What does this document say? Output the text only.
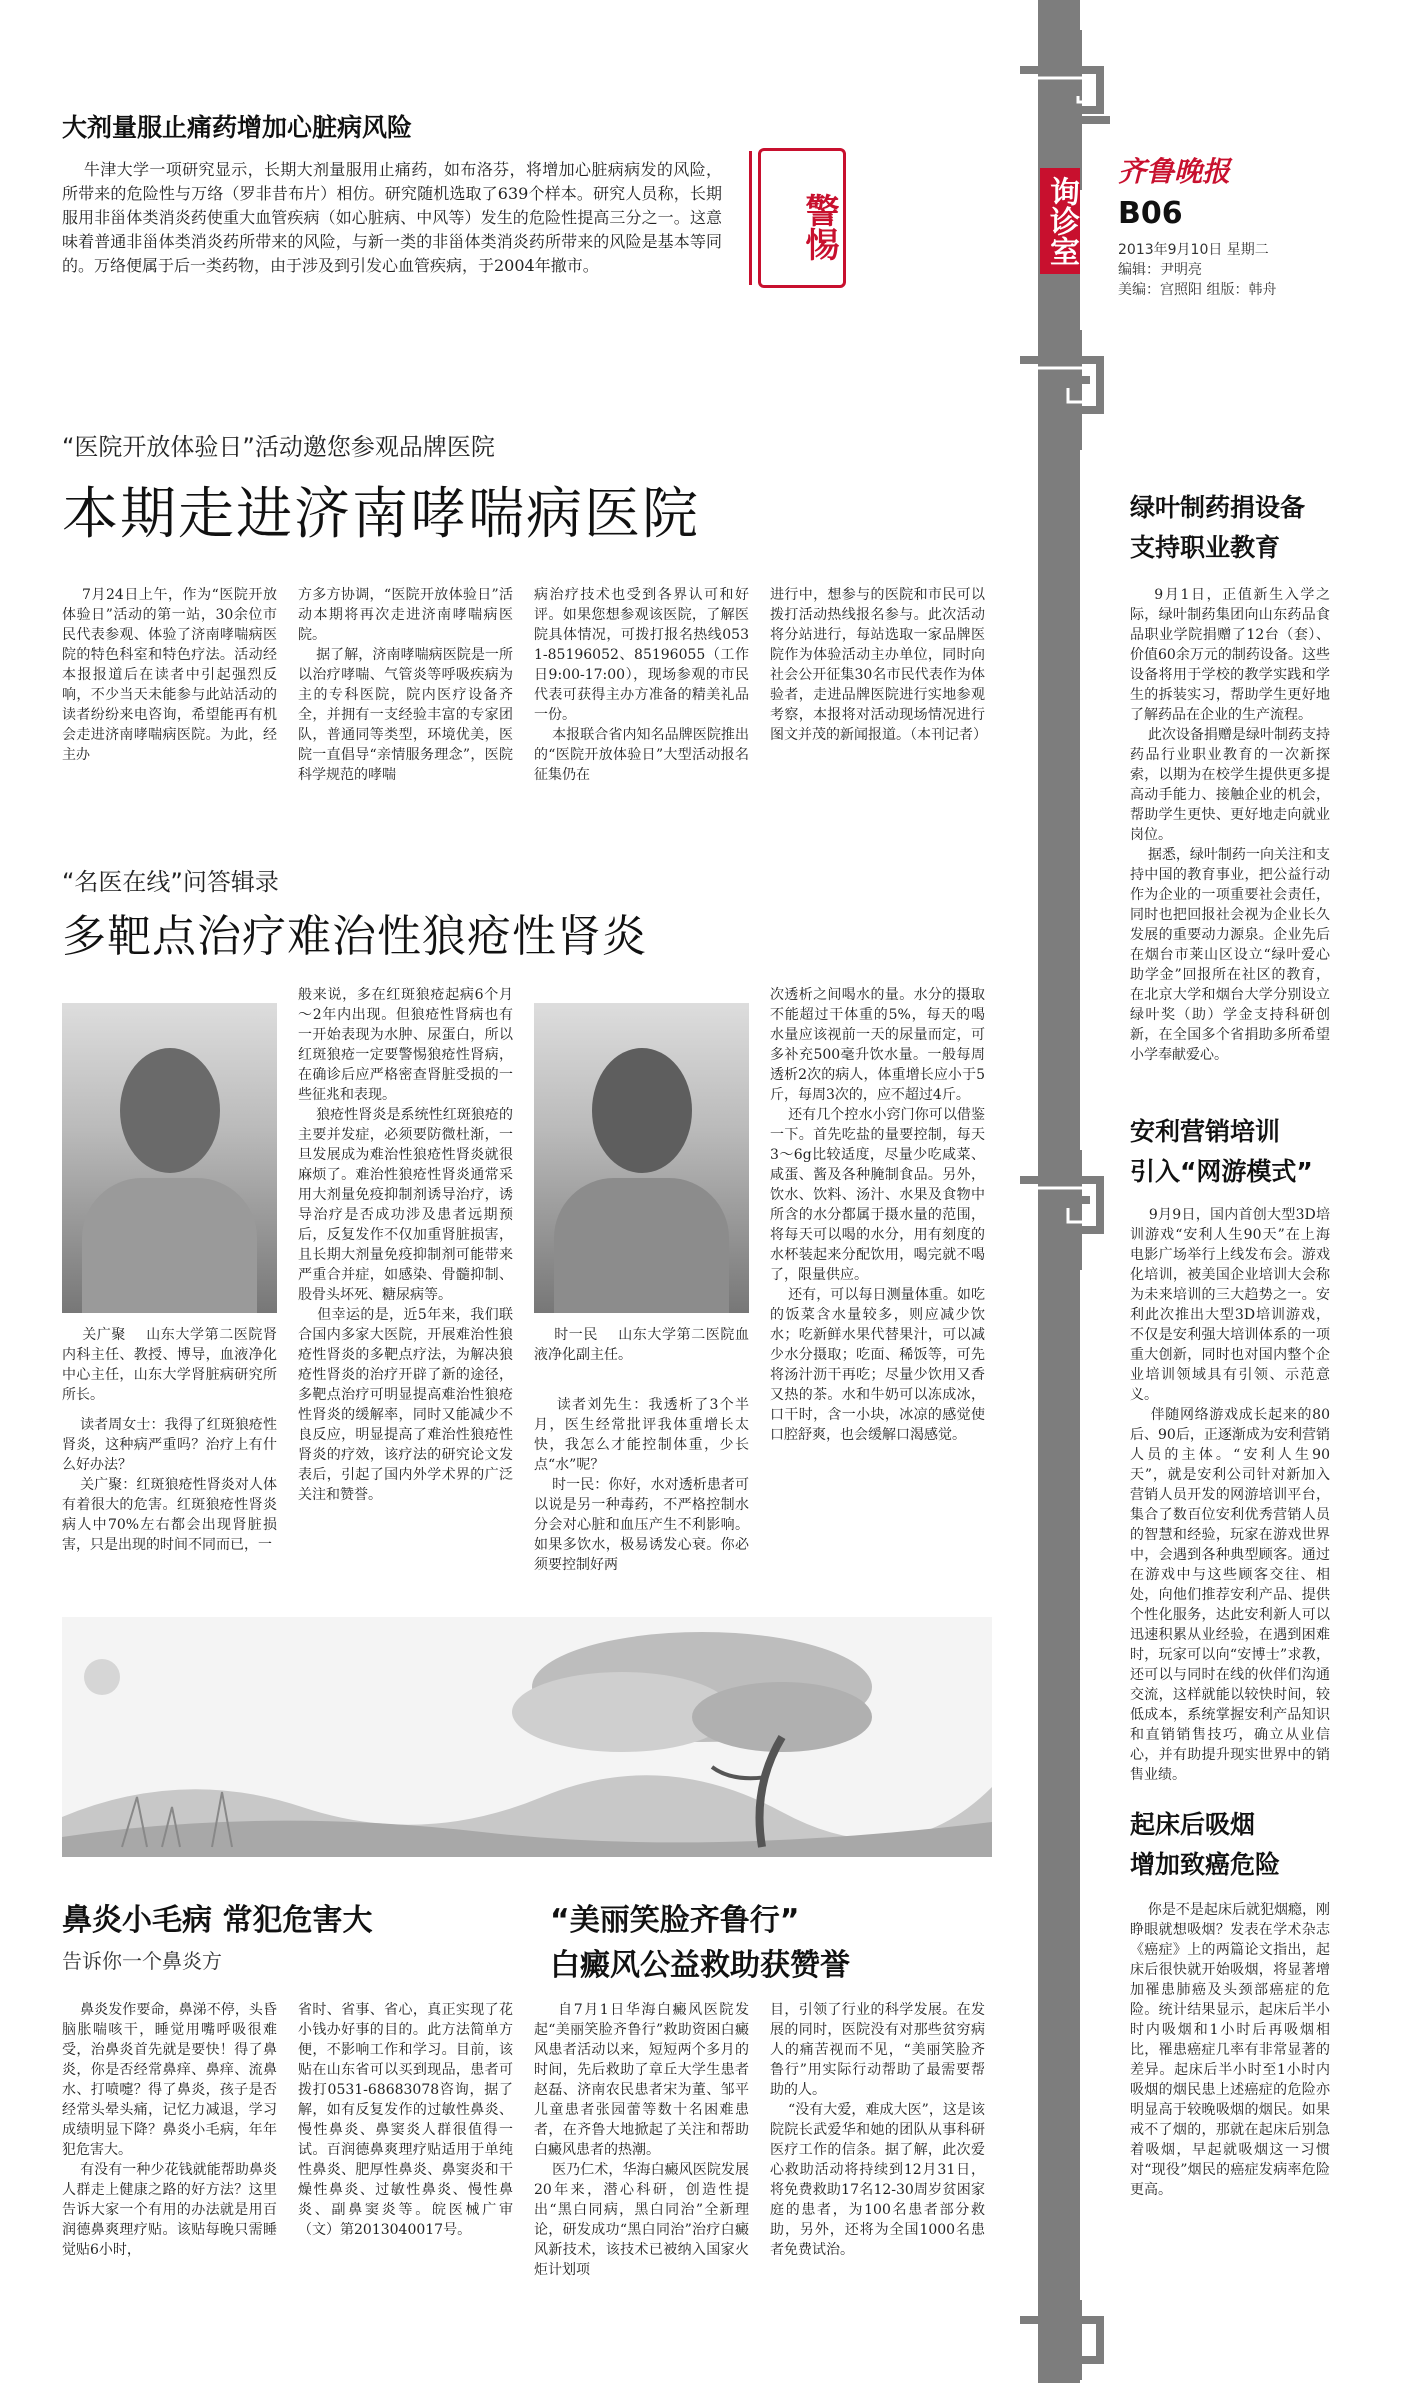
询诊室
齐鲁晚报
B06
2013年9月10日 星期二
编辑：尹明亮
美编：宫照阳 组版：韩舟
大剂量服止痛药增加心脏病风险
牛津大学一项研究显示，长期大剂量服用止痛药，如布洛芬，将增加心脏病病发的风险，所带来的危险性与万络（罗非昔布片）相仿。研究随机选取了639个样本。研究人员称，长期服用非甾体类消炎药使重大血管疾病（如心脏病、中风等）发生的危险性提高三分之一。这意味着普通非甾体类消炎药所带来的风险，与新一类的非甾体类消炎药所带来的风险是基本等同的。万络便属于后一类药物，由于涉及到引发心血管疾病，于2004年撤市。
警惕
“医院开放体验日”活动邀您参观品牌医院
本期走进济南哮喘病医院
7月24日上午，作为“医院开放体验日”活动的第一站，30余位市民代表参观、体验了济南哮喘病医院的特色科室和特色疗法。活动经本报报道后在读者中引起强烈反响，不少当天未能参与此站活动的读者纷纷来电咨询，希望能再有机会走进济南哮喘病医院。为此，经主办
方多方协调，“医院开放体验日”活动本期将再次走进济南哮喘病医院。
据了解，济南哮喘病医院是一所以治疗哮喘、气管炎等呼吸疾病为主的专科医院，院内医疗设备齐全，并拥有一支经验丰富的专家团队，普通同等类型，环境优美，医院一直倡导“亲情服务理念”，医院科学规范的哮喘
病治疗技术也受到各界认可和好评。如果您想参观该医院，了解医院具体情况，可拨打报名热线0531-85196052、85196055（工作日9:00-17:00），现场参观的市民代表可获得主办方准备的精美礼品一份。
本报联合省内知名品牌医院推出的“医院开放体验日”大型活动报名征集仍在
进行中，想参与的医院和市民可以拨打活动热线报名参与。此次活动将分站进行，每站选取一家品牌医院作为体验活动主办单位，同时向社会公开征集30名市民代表作为体验者，走进品牌医院进行实地参观考察，本报将对活动现场情况进行图文并茂的新闻报道。（本刊记者）
“名医在线”问答辑录
多靶点治疗难治性狼疮性肾炎
关广聚    山东大学第二医院肾内科主任、教授、博导，血液净化中心主任，山东大学肾脏病研究所所长。
读者周女士：我得了红斑狼疮性肾炎，这种病严重吗？治疗上有什么好办法？
关广聚：红斑狼疮性肾炎对人体有着很大的危害。红斑狼疮性肾炎病人中70%左右都会出现肾脏损害，只是出现的时间不同而已，一
般来说，多在红斑狼疮起病6个月～2年内出现。但狼疮性肾病也有一开始表现为水肿、尿蛋白，所以红斑狼疮一定要警惕狼疮性肾病，在确诊后应严格密查肾脏受损的一些征兆和表现。
狼疮性肾炎是系统性红斑狼疮的主要并发症，必须要防微杜渐，一旦发展成为难治性狼疮性肾炎就很麻烦了。难治性狼疮性肾炎通常采用大剂量免疫抑制剂诱导治疗，诱导治疗是否成功涉及患者远期预后，反复发作不仅加重肾脏损害，且长期大剂量免疫抑制剂可能带来严重合并症，如感染、骨髓抑制、股骨头坏死、糖尿病等。
但幸运的是，近5年来，我们联合国内多家大医院，开展难治性狼疮性肾炎的多靶点疗法，为解决狼疮性肾炎的治疗开辟了新的途径，多靶点治疗可明显提高难治性狼疮性肾炎的缓解率，同时又能减少不良反应，明显提高了难治性狼疮性肾炎的疗效，该疗法的研究论文发表后，引起了国内外学术界的广泛关注和赞誉。
时一民    山东大学第二医院血液净化副主任。
读者刘先生：我透析了3个半月，医生经常批评我体重增长太快，我怎么才能控制体重，少长点“水”呢？
时一民：你好，水对透析患者可以说是另一种毒药，不严格控制水分会对心脏和血压产生不利影响。如果多饮水，极易诱发心衰。你必须要控制好两
次透析之间喝水的量。水分的摄取不能超过干体重的5%，每天的喝水量应该视前一天的尿量而定，可多补充500毫升饮水量。一般每周透析2次的病人，体重增长应小于5斤，每周3次的，应不超过4斤。
还有几个控水小窍门你可以借鉴一下。首先吃盐的量要控制，每天3～6g比较适度，尽量少吃咸菜、咸蛋、酱及各种腌制食品。另外，饮水、饮料、汤汁、水果及食物中所含的水分都属于摄水量的范围，将每天可以喝的水分，用有刻度的水杯装起来分配饮用，喝完就不喝了，限量供应。
还有，可以每日测量体重。如吃的饭菜含水量较多，则应减少饮水；吃新鲜水果代替果汁，可以减少水分摄取；吃面、稀饭等，可先将汤汁沥干再吃；尽量少饮用又香又热的茶。水和牛奶可以冻成冰，口干时，含一小块，冰凉的感觉使口腔舒爽，也会缓解口渴感觉。
鼻炎小毛病 常犯危害大
告诉你一个鼻炎方
鼻炎发作要命，鼻涕不停，头昏脑胀喘咳干，睡觉用嘴呼吸很难受，治鼻炎首先就是要快！得了鼻炎，你是否经常鼻痒、鼻痒、流鼻水、打喷嚏？得了鼻炎，孩子是否经常头晕头痛，记忆力减退，学习成绩明显下降？鼻炎小毛病，年年犯危害大。
有没有一种少花钱就能帮助鼻炎人群走上健康之路的好方法？这里告诉大家一个有用的办法就是用百润德鼻爽理疗贴。该贴每晚只需睡觉贴6小时，
省时、省事、省心，真正实现了花小钱办好事的目的。此方法简单方便，不影响工作和学习。目前，该贴在山东省可以买到现品，患者可拨打0531-68683078咨询，据了解，如有反复发作的过敏性鼻炎、慢性鼻炎、鼻窦炎人群很值得一试。百润德鼻爽理疗贴适用于单纯性鼻炎、肥厚性鼻炎、鼻窦炎和干燥性鼻炎、过敏性鼻炎、慢性鼻炎、副鼻窦炎等。皖医械广审（文）第2013040017号。
“美丽笑脸齐鲁行”
白癜风公益救助获赞誉
自7月1日华海白癜风医院发起“美丽笑脸齐鲁行”救助资困白癜风患者活动以来，短短两个多月的时间，先后救助了章丘大学生患者赵磊、济南农民患者宋为董、邹平儿童患者张园蕾等数十名困难患者，在齐鲁大地掀起了关注和帮助白癜风患者的热潮。
医乃仁术，华海白癜风医院发展20年来，潜心科研，创造性提出“黑白同病，黑白同治”全新理论，研发成功“黑白同治”治疗白癜风新技术，该技术已被纳入国家火炬计划项
目，引领了行业的科学发展。在发展的同时，医院没有对那些贫穷病人的痛苦视而不见，“美丽笑脸齐鲁行”用实际行动帮助了最需要帮助的人。
“没有大爱，难成大医”，这是该院院长武爱华和她的团队从事科研医疗工作的信条。据了解，此次爱心救助活动将持续到12月31日，将免费救助17名12-30周岁贫困家庭的患者，为100名患者部分救助，另外，还将为全国1000名患者免费试治。
绿叶制药捐设备
支持职业教育
9月1日，正值新生入学之际，绿叶制药集团向山东药品食品职业学院捐赠了12台（套）、价值60余万元的制药设备。这些设备将用于学校的教学实践和学生的拆装实习，帮助学生更好地了解药品在企业的生产流程。
此次设备捐赠是绿叶制药支持药品行业职业教育的一次新探索，以期为在校学生提供更多提高动手能力、接触企业的机会，帮助学生更快、更好地走向就业岗位。
据悉，绿叶制药一向关注和支持中国的教育事业，把公益行动作为企业的一项重要社会责任，同时也把回报社会视为企业长久发展的重要动力源泉。企业先后在烟台市莱山区设立“绿叶爱心助学金”回报所在社区的教育，在北京大学和烟台大学分别设立绿叶奖（助）学金支持科研创新，在全国多个省捐助多所希望小学奉献爱心。
安利营销培训
引入“网游模式”
9月9日，国内首创大型3D培训游戏“安利人生90天”在上海电影广场举行上线发布会。游戏化培训，被美国企业培训大会称为未来培训的三大趋势之一。安利此次推出大型3D培训游戏，不仅是安利强大培训体系的一项重大创新，同时也对国内整个企业培训领域具有引领、示范意义。
伴随网络游戏成长起来的80后、90后，正逐渐成为安利营销人员的主体。“安利人生90天”，就是安利公司针对新加入营销人员开发的网游培训平台，集合了数百位安利优秀营销人员的智慧和经验，玩家在游戏世界中，会遇到各种典型顾客。通过在游戏中与这些顾客交往、相处，向他们推荐安利产品、提供个性化服务，达此安利新人可以迅速积累从业经验，在遇到困难时，玩家可以向“安博士”求教，还可以与同时在线的伙伴们沟通交流，这样就能以较快时间，较低成本，系统掌握安利产品知识和直销销售技巧，确立从业信心，并有助提升现实世界中的销售业绩。
起床后吸烟
增加致癌危险
你是不是起床后就犯烟瘾，刚睁眼就想吸烟？发表在学术杂志《癌症》上的两篇论文指出，起床后很快就开始吸烟，将显著增加罹患肺癌及头颈部癌症的危险。统计结果显示，起床后半小时内吸烟和1小时后再吸烟相比，罹患癌症几率有非常显著的差异。起床后半小时至1小时内吸烟的烟民患上述癌症的危险亦明显高于较晚吸烟的烟民。如果戒不了烟的，那就在起床后别急着吸烟，早起就吸烟这一习惯对“现役”烟民的癌症发病率危险更高。
